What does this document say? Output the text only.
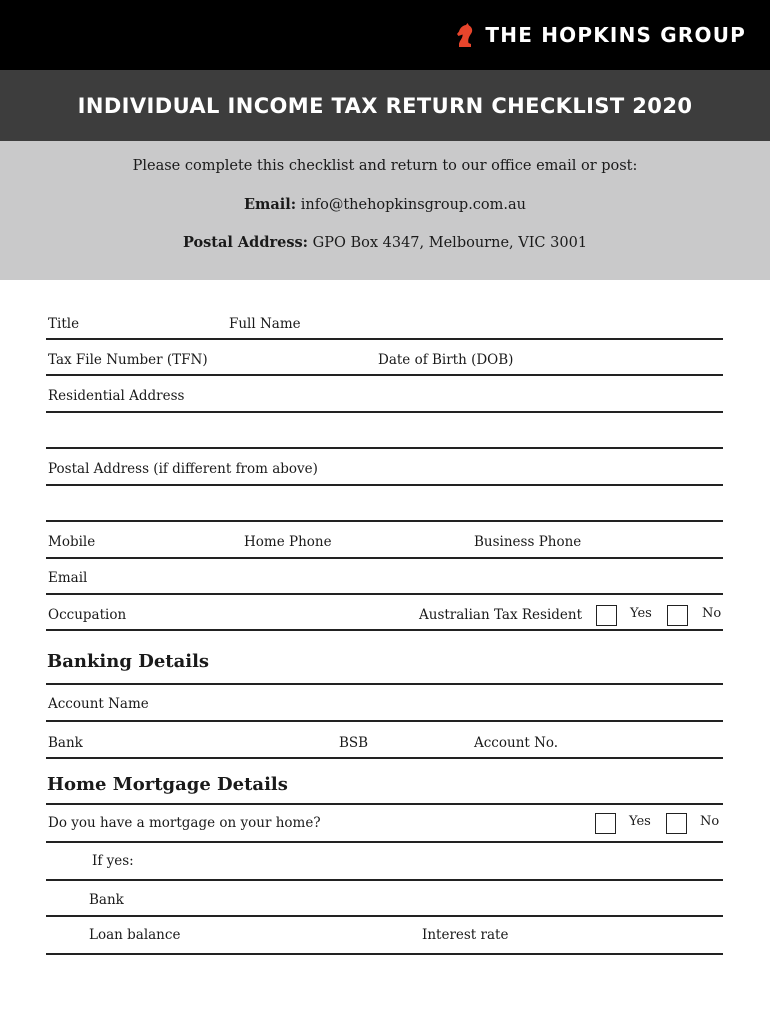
THE HOPKINS GROUP
INDIVIDUAL INCOME TAX RETURN CHECKLIST 2020
Please complete this checklist and return to our office email or post:
Email: info@thehopkinsgroup.com.au
Postal Address: GPO Box 4347, Melbourne, VIC 3001
Title	Full Name
Tax File Number (TFN)	Date of Birth (DOB)
Residential Address
Postal Address (if different from above)
Mobile	Home Phone	Business Phone
Email
Occupation	Australian Tax Resident	Yes	No
Banking Details
Account Name
Bank	BSB	Account No.
Home Mortgage Details
Do you have a mortgage on your home?	Yes	No
If yes:
Bank
Loan balance	Interest rate
